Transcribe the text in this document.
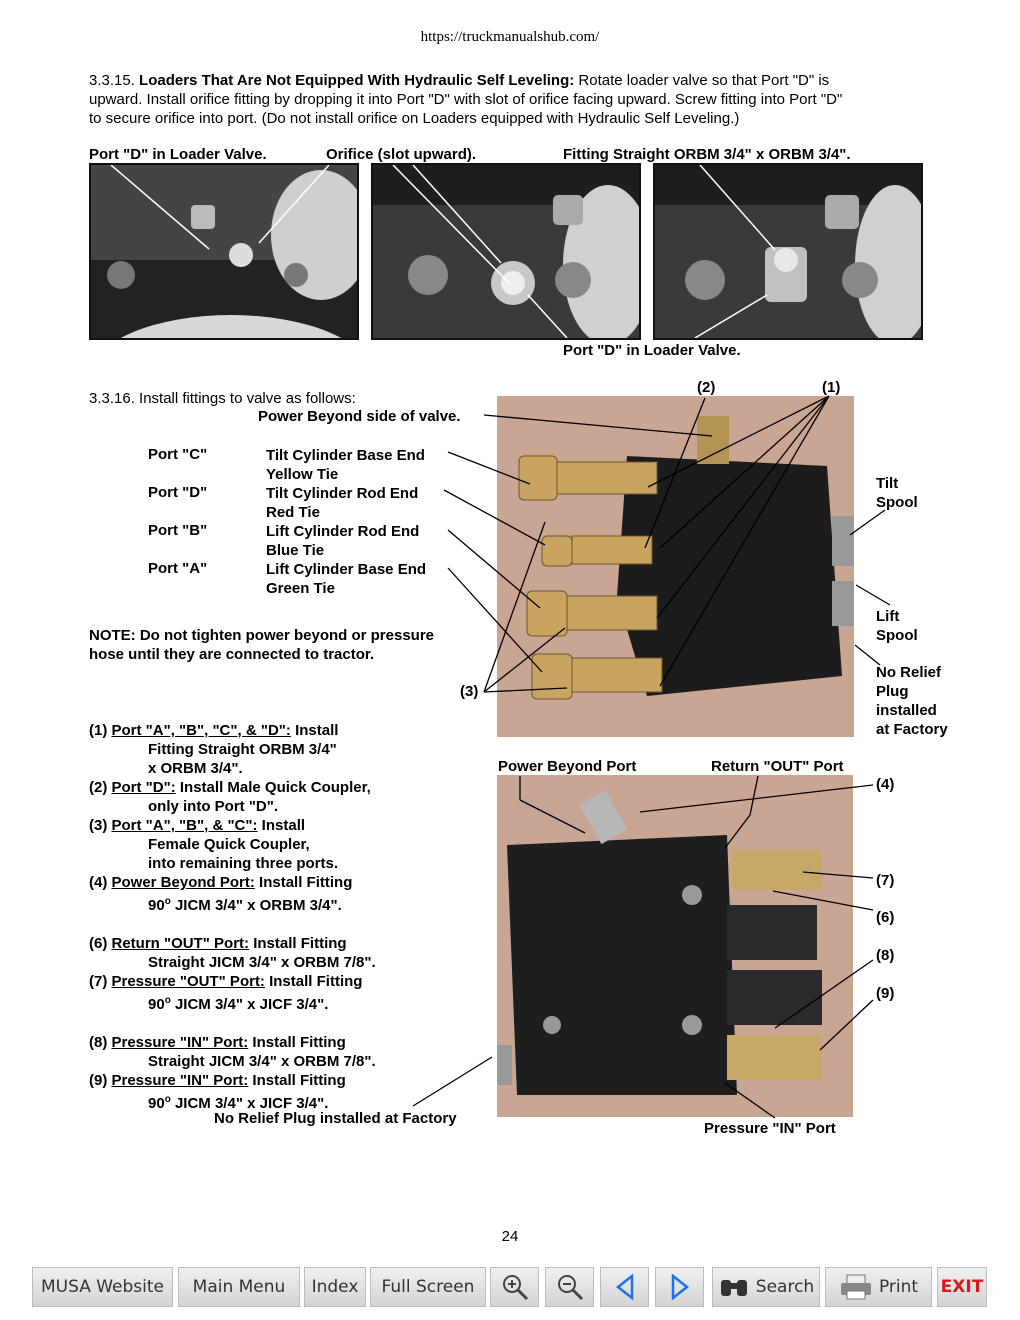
https://truckmanualshub.com/
3.3.15. Loaders That Are Not Equipped With Hydraulic Self Leveling: Rotate loader valve so that Port "D" is
upward. Install orifice fitting by dropping it into Port "D" with slot of orifice facing upward. Screw fitting into Port "D"
to secure orifice into port. (Do not install orifice on Loaders equipped with Hydraulic Self Leveling.)
Port "D" in Loader Valve.	Orifice (slot upward).	Fitting Straight ORBM 3/4" x ORBM 3/4".
Port "D" in Loader Valve.
3.3.16. Install fittings to valve as follows:
Power Beyond side of valve.
Port "C"	Tilt Cylinder Base End
Yellow Tie
Port "D"	Tilt Cylinder Rod End
Red Tie
Port "B"	Lift Cylinder Rod End
Blue Tie
Port "A"	Lift Cylinder Base End
Green Tie
NOTE: Do not tighten power beyond or pressure
hose until they are connected to tractor.
(2)	(1)
(3)
Tilt
Spool
Lift
Spool
No Relief
Plug
installed
at Factory
(1) Port "A", "B", "C", & "D": Install
Fitting Straight ORBM 3/4"
x ORBM 3/4".
(2) Port "D": Install Male Quick Coupler,
only into Port "D".
(3) Port "A", "B", & "C": Install
Female Quick Coupler,
into remaining three ports.
(4) Power Beyond Port: Install Fitting
90$^o$ JICM 3/4" x ORBM 3/4".
(6) Return "OUT" Port: Install Fitting
Straight JICM 3/4" x ORBM 7/8".
(7) Pressure "OUT" Port: Install Fitting
90$^o$ JICM 3/4" x JICF 3/4".
(8) Pressure "IN" Port: Install Fitting
Straight JICM 3/4" x ORBM 7/8".
(9) Pressure "IN" Port: Install Fitting
90$^o$ JICM 3/4" x JICF 3/4".
Power Beyond Port	Return "OUT" Port
(4)
(7)
(6)
(8)
(9)
No Relief Plug installed at Factory
Pressure "IN" Port
24
MUSA Website Main Menu Index Full Screen	Search	Print EXIT
